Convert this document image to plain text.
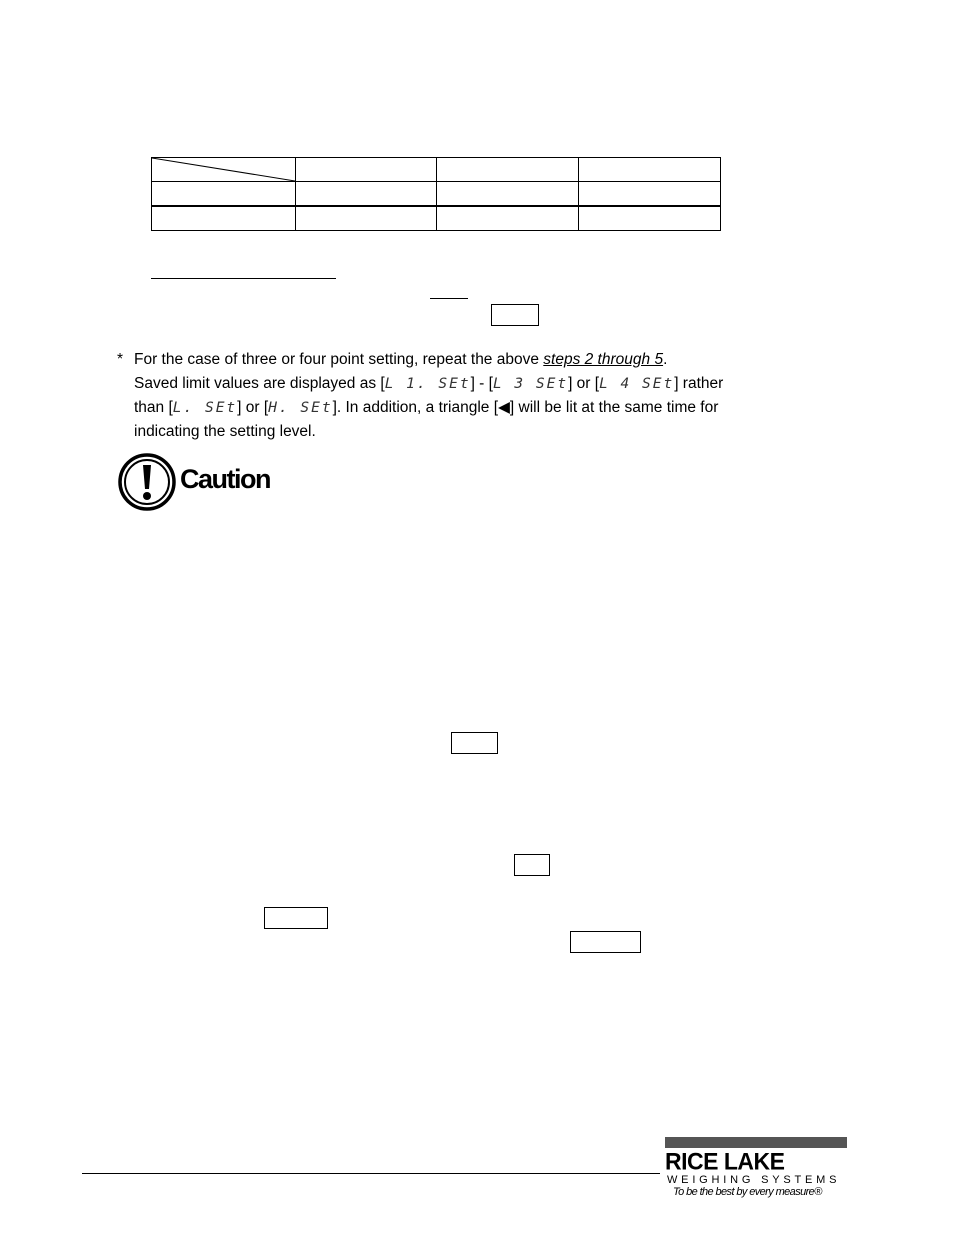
* For the case of three or four point setting, repeat the above steps 2 through 5.
Saved limit values are displayed as [L 1. SEt] - [L 3 SEt] or [L 4 SEt] rather
than [L. SEt] or [H. SEt]. In addition, a triangle [◀] will be lit at the same time for
indicating the setting level.
Caution
RICE LAKE
WEIGHING SYSTEMS
To be the best by every measure®
